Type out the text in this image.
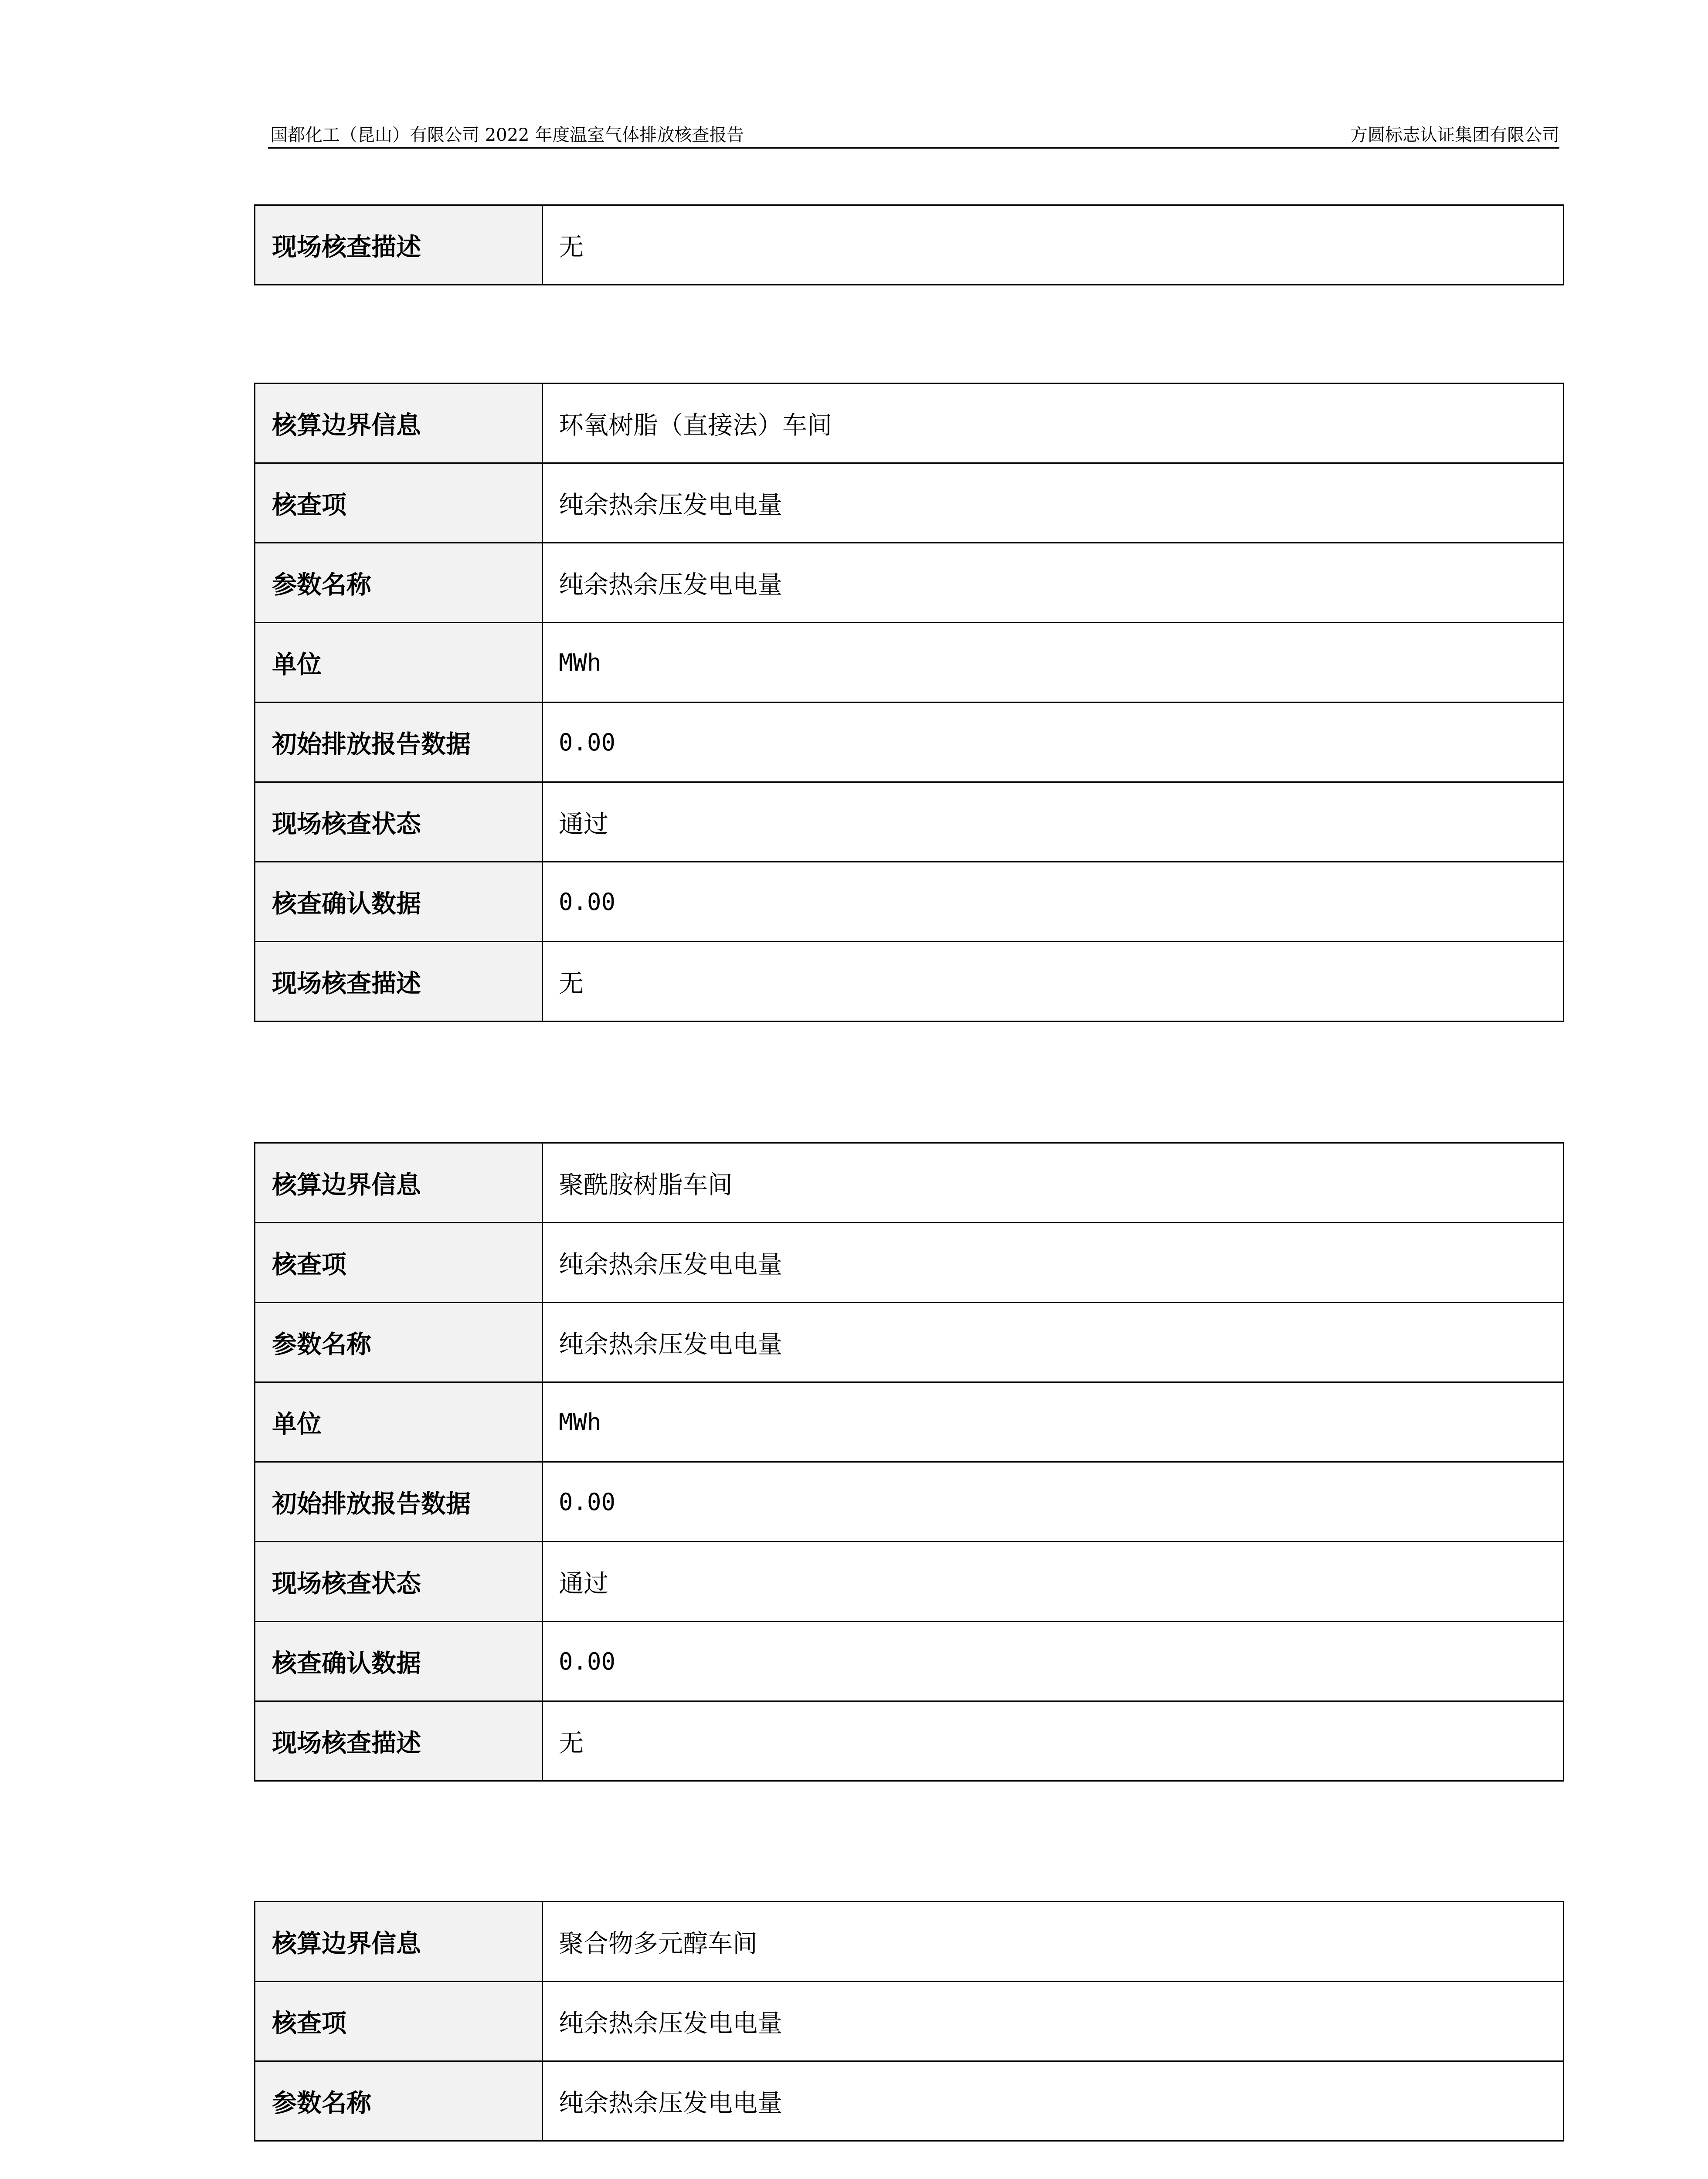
国都化工（昆山）有限公司 2022 年度温室气体排放核查报告	方圆标志认证集团有限公司
现场核查描述	无
核算边界信息	环氧树脂（直接法）车间
核查项	纯余热余压发电电量
参数名称	纯余热余压发电电量
单位	MWh
初始排放报告数据	0.00
现场核查状态	通过
核查确认数据	0.00
现场核查描述	无
核算边界信息	聚酰胺树脂车间
核查项	纯余热余压发电电量
参数名称	纯余热余压发电电量
单位	MWh
初始排放报告数据	0.00
现场核查状态	通过
核查确认数据	0.00
现场核查描述	无
核算边界信息	聚合物多元醇车间
核查项	纯余热余压发电电量
参数名称	纯余热余压发电电量
